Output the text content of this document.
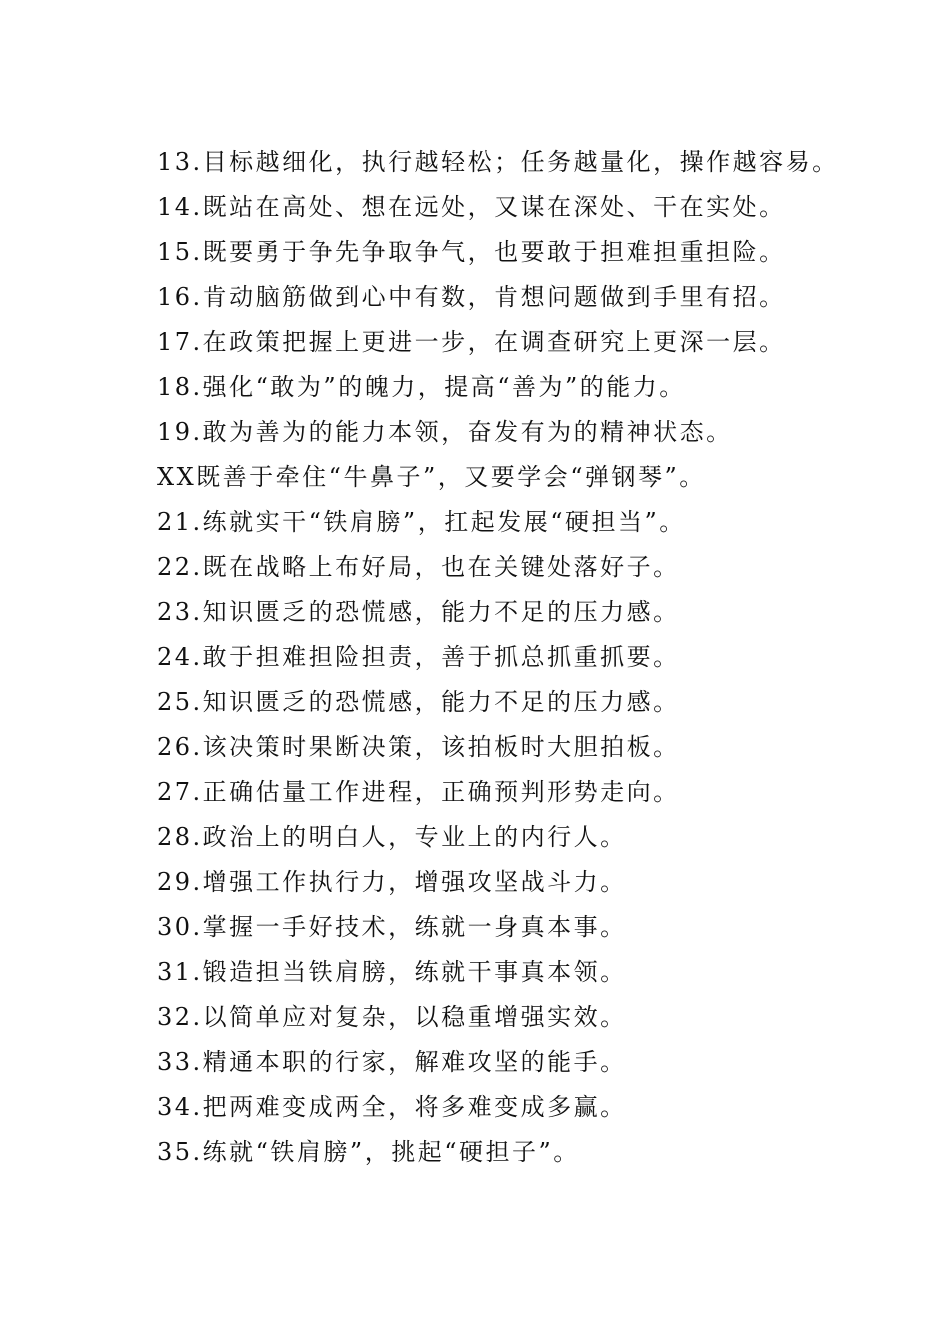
13.目标越细化，执行越轻松；任务越量化，操作越容易。
14.既站在高处、想在远处，又谋在深处、干在实处。
15.既要勇于争先争取争气，也要敢于担难担重担险。
16.肯动脑筋做到心中有数，肯想问题做到手里有招。
17.在政策把握上更进一步，在调查研究上更深一层。
18.强化“敢为”的魄力，提高“善为”的能力。
19.敢为善为的能力本领，奋发有为的精神状态。
XX既善于牵住“牛鼻子”，又要学会“弹钢琴”。
21.练就实干“铁肩膀”，扛起发展“硬担当”。
22.既在战略上布好局，也在关键处落好子。
23.知识匮乏的恐慌感，能力不足的压力感。
24.敢于担难担险担责，善于抓总抓重抓要。
25.知识匮乏的恐慌感，能力不足的压力感。
26.该决策时果断决策，该拍板时大胆拍板。
27.正确估量工作进程，正确预判形势走向。
28.政治上的明白人，专业上的内行人。
29.增强工作执行力，增强攻坚战斗力。
30.掌握一手好技术，练就一身真本事。
31.锻造担当铁肩膀，练就干事真本领。
32.以简单应对复杂，以稳重增强实效。
33.精通本职的行家，解难攻坚的能手。
34.把两难变成两全，将多难变成多赢。
35.练就“铁肩膀”，挑起“硬担子”。
